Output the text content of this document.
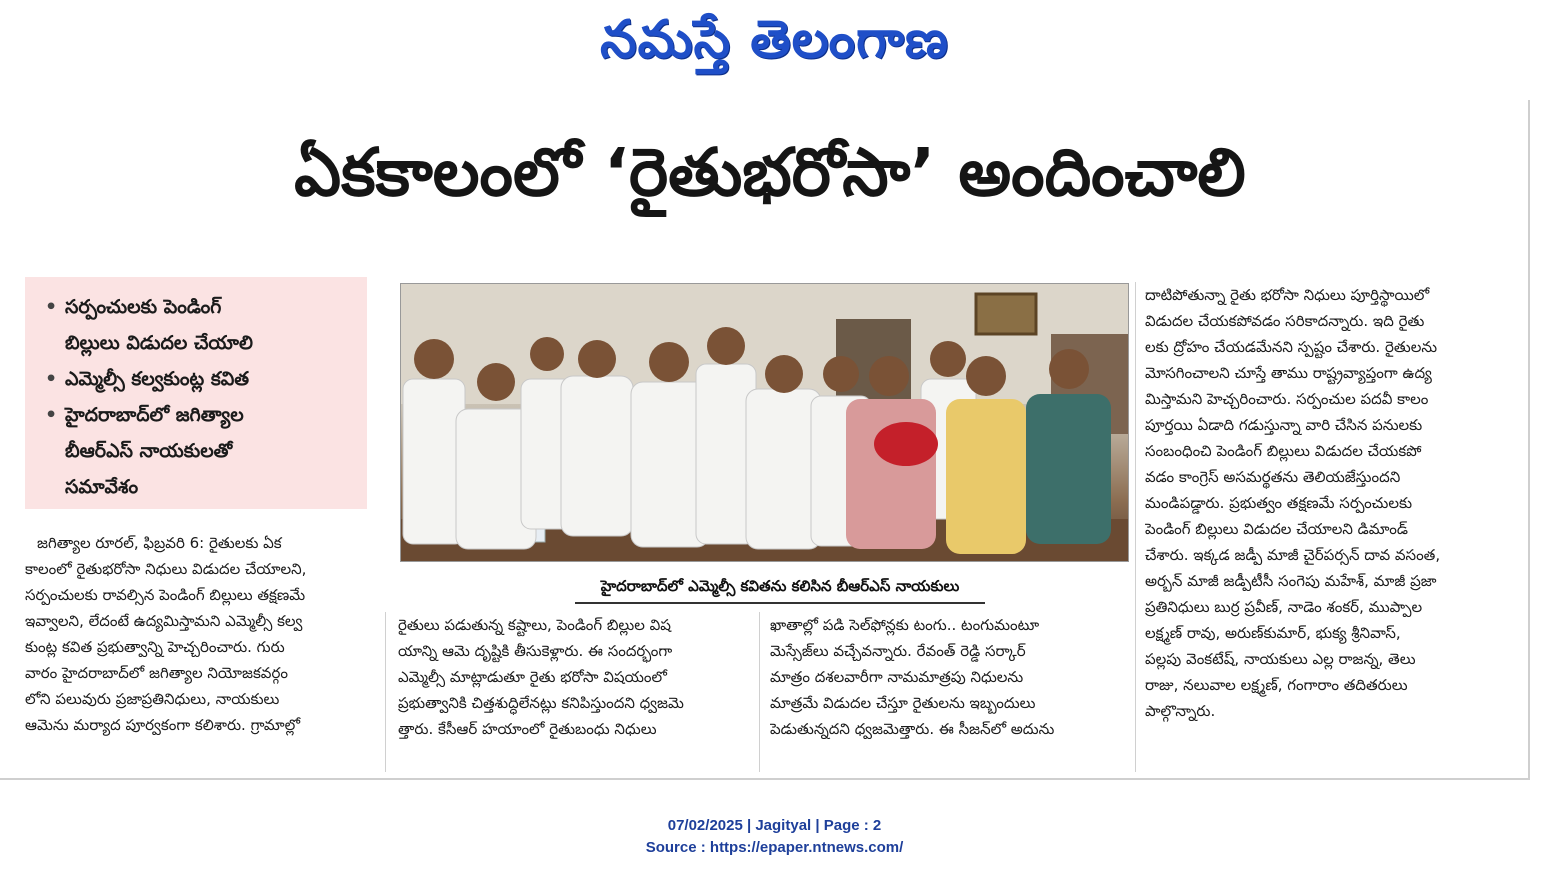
నమస్తే తెలంగాణ
ఏకకాలంలో ‘రైతుభరోసా’ అందించాలి
• సర్పంచులకు పెండింగ్
బిల్లులు విడుదల చేయాలి
• ఎమ్మెల్సీ కల్వకుంట్ల కవిత
• హైదరాబాద్‌లో జగిత్యాల
బీఆర్ఎస్ నాయకులతో
సమావేశం
హైదరాబాద్‌లో ఎమ్మెల్సీ కవితను కలిసిన బీఆర్ఎస్ నాయకులు

జగిత్యాల రూరల్, ఫిబ్రవరి 6: రైతులకు ఏక

కాలంలో రైతుభరోసా నిధులు విడుదల చేయాలని,

సర్పంచులకు రావల్సిన పెండింగ్ బిల్లులు తక్షణమే

ఇవ్వాలని, లేదంటే ఉద్యమిస్తామని ఎమ్మెల్సీ కల్వ

కుంట్ల కవిత ప్రభుత్వాన్ని హెచ్చరించారు. గురు

వారం హైదరాబాద్‌లో జగిత్యాల నియోజకవర్గం

లోని పలువురు ప్రజాప్రతినిధులు, నాయకులు

ఆమెను మర్యాద పూర్వకంగా కలిశారు. గ్రామాల్లో

రైతులు పడుతున్న కష్టాలు, పెండింగ్ బిల్లుల విష

యాన్ని ఆమె దృష్టికి తీసుకెళ్లారు. ఈ సందర్భంగా

ఎమ్మెల్సీ మాట్లాడుతూ రైతు భరోసా విషయంలో

ప్రభుత్వానికి చిత్తశుద్ధిలేనట్లు కనిపిస్తుందని ధ్వజమె

త్తారు. కేసీఆర్ హయాంలో రైతుబంధు నిధులు

ఖాతాల్లో పడి సెల్‌ఫోన్లకు టంగు.. టంగుమంటూ

మెస్సేజ్‌లు వచ్చేవన్నారు. రేవంత్ రెడ్డి సర్కార్

మాత్రం దశలవారీగా నామమాత్రపు నిధులను

మాత్రమే విడుదల చేస్తూ రైతులను ఇబ్బందులు

పెడుతున్నదని ధ్వజమెత్తారు. ఈ సీజన్‌లో అదును

దాటిపోతున్నా రైతు భరోసా నిధులు పూర్తిస్థాయిలో

విడుదల చేయకపోవడం సరికాదన్నారు. ఇది రైతు

లకు ద్రోహం చేయడమేనని స్పష్టం చేశారు. రైతులను

మోసగించాలని చూస్తే తాము రాష్ట్రవ్యాప్తంగా ఉద్య

మిస్తామని హెచ్చరించారు. సర్పంచుల పదవీ కాలం

పూర్తయి ఏడాది గడుస్తున్నా వారి చేసిన పనులకు

సంబంధించి పెండింగ్ బిల్లులు విడుదల చేయకపో

వడం కాంగ్రెస్ అసమర్థతను తెలియజేస్తుందని

మండిపడ్డారు. ప్రభుత్వం తక్షణమే సర్పంచులకు

పెండింగ్ బిల్లులు విడుదల చేయాలని డిమాండ్

చేశారు. ఇక్కడ జడ్పీ మాజీ చైర్‌పర్సన్ దావ వసంత,

అర్బన్ మాజీ జడ్పీటీసీ సంగెపు మహేశ్, మాజీ ప్రజా

ప్రతినిధులు బుర్ర ప్రవీణ్, నాడెం శంకర్, ముప్పాల

లక్ష్మణ్ రావు, అరుణ్‌కుమార్, భుక్య శ్రీనివాస్,

పల్లపు వెంకటేష్, నాయకులు ఎల్ల రాజన్న, తెలు

రాజు, నలువాల లక్ష్మణ్, గంగారాం తదితరులు

పాల్గొన్నారు.

07/02/2025 | Jagityal | Page : 2
Source : https://epaper.ntnews.com/
